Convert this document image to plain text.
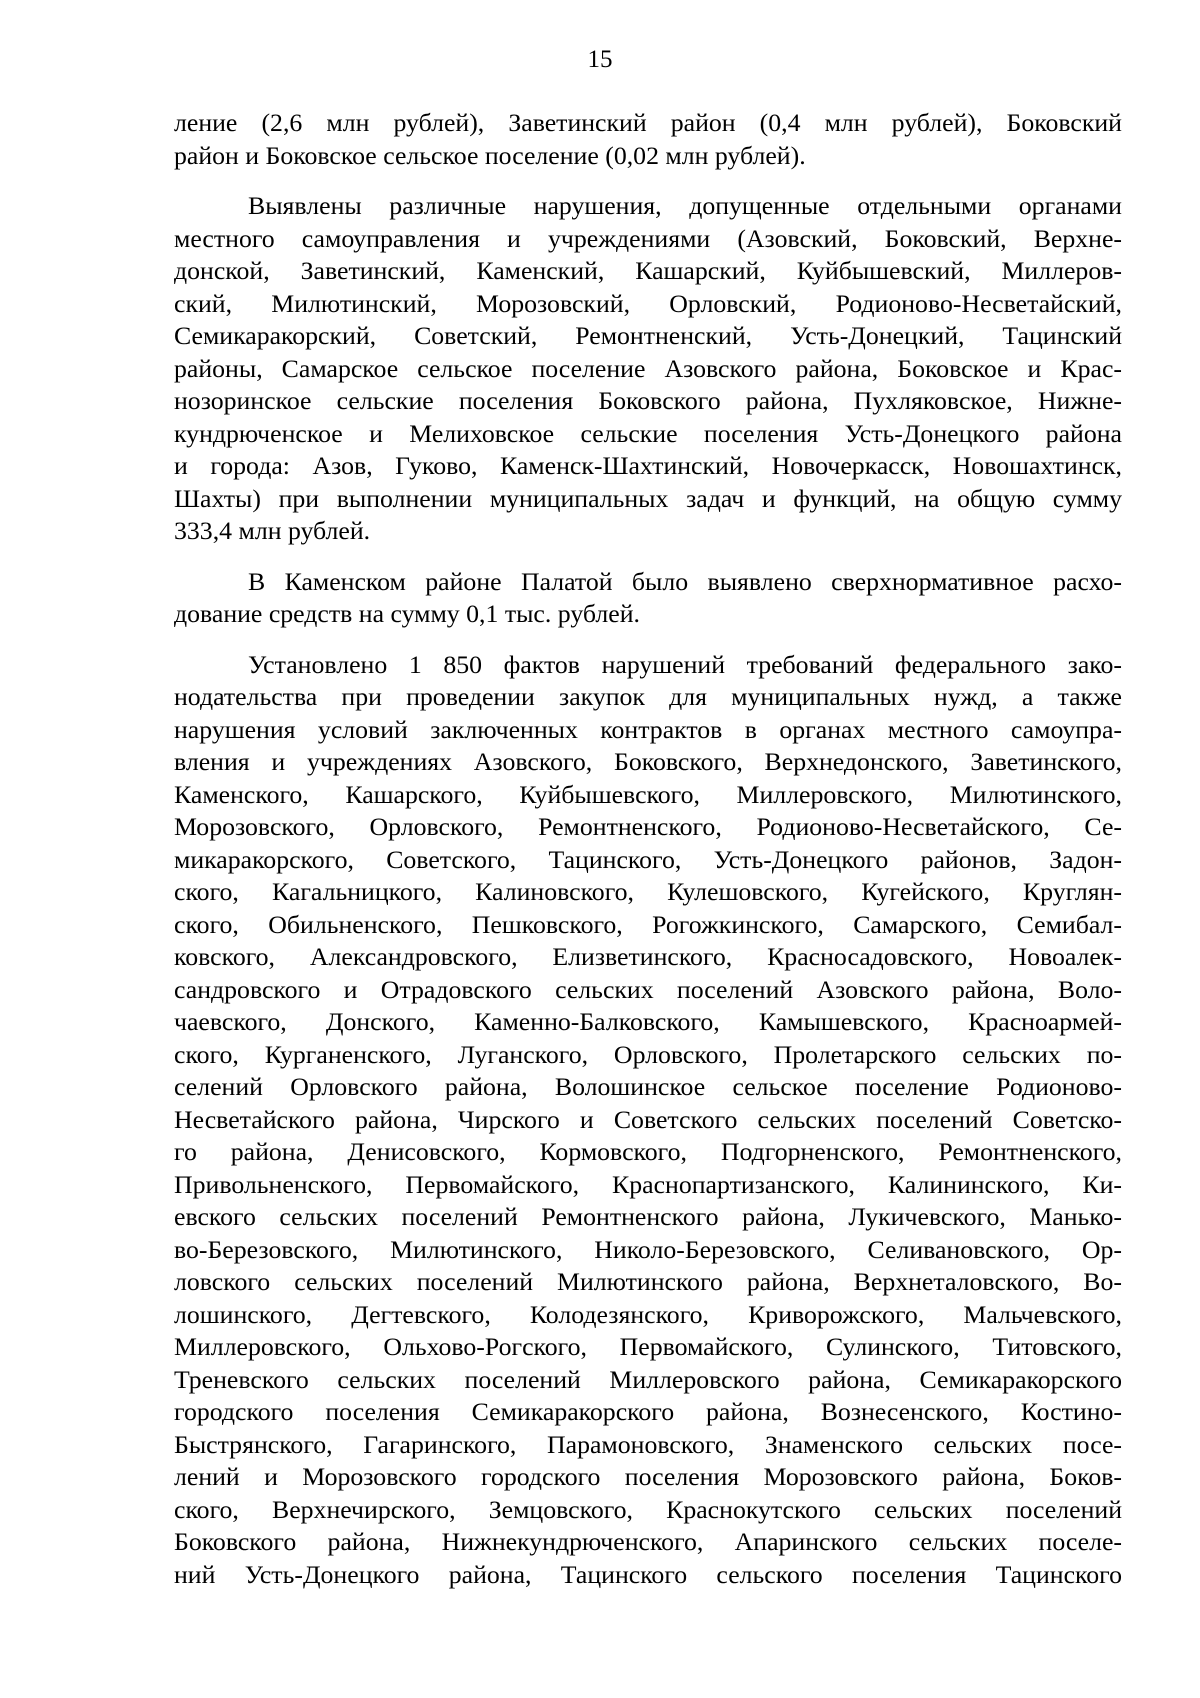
15

ление (2,6 млн рублей), Заветинский район (0,4 млн рублей), Боковский
район и Боковское сельское поселение (0,02 млн рублей).

Выявлены различные нарушения, допущенные отдельными органами
местного самоуправления и учреждениями (Азовский, Боковский, Верхне-
донской, Заветинский, Каменский, Кашарский, Куйбышевский, Миллеров-
ский, Милютинский, Морозовский, Орловский, Родионово-Несветайский,
Семикаракорский, Советский, Ремонтненский, Усть-Донецкий, Тацинский
районы, Самарское сельское поселение Азовского района, Боковское и Крас-
нозоринское сельские поселения Боковского района, Пухляковское, Нижне-
кундрюченское и Мелиховское сельские поселения Усть-Донецкого района
и города: Азов, Гуково, Каменск-Шахтинский, Новочеркасск, Новошахтинск,
Шахты) при выполнении муниципальных задач и функций, на общую сумму
333,4 млн рублей.

В Каменском районе Палатой было выявлено сверхнормативное расхо-
дование средств на сумму 0,1 тыс. рублей.

Установлено 1 850 фактов нарушений требований федерального зако-
нодательства при проведении закупок для муниципальных нужд, а также
нарушения условий заключенных контрактов в органах местного самоупра-
вления и учреждениях Азовского, Боковского, Верхнедонского, Заветинского,
Каменского, Кашарского, Куйбышевского, Миллеровского, Милютинского,
Морозовского, Орловского, Ремонтненского, Родионово-Несветайского, Се-
микаракорского, Советского, Тацинского, Усть-Донецкого районов, Задон-
ского, Кагальницкого, Калиновского, Кулешовского, Кугейского, Круглян-
ского, Обильненского, Пешковского, Рогожкинского, Самарского, Семибал-
ковского, Александровского, Елизветинского, Красносадовского, Новоалек-
сандровского и Отрадовского сельских поселений Азовского района, Воло-
чаевского, Донского, Каменно-Балковского, Камышевского, Красноармей-
ского, Курганенского, Луганского, Орловского, Пролетарского сельских по-
селений Орловского района, Волошинское сельское поселение Родионово-
Несветайского района, Чирского и Советского сельских поселений Советско-
го района, Денисовского, Кормовского, Подгорненского, Ремонтненского,
Привольненского, Первомайского, Краснопартизанского, Калининского, Ки-
евского сельских поселений Ремонтненского района, Лукичевского, Манько-
во-Березовского, Милютинского, Николо-Березовского, Селивановского, Ор-
ловского сельских поселений Милютинского района, Верхнеталовского, Во-
лошинского, Дегтевского, Колодезянского, Криворожского, Мальчевского,
Миллеровского, Ольхово-Рогского, Первомайского, Сулинского, Титовского,
Треневского сельских поселений Миллеровского района, Семикаракорского
городского поселения Семикаракорского района, Вознесенского, Костино-
Быстрянского, Гагаринского, Парамоновского, Знаменского сельских посе-
лений и Морозовского городского поселения Морозовского района, Боков-
ского, Верхнечирского, Земцовского, Краснокутского сельских поселений
Боковского района, Нижнекундрюченского, Апаринского сельских поселе-
ний Усть-Донецкого района, Тацинского сельского поселения Тацинского
